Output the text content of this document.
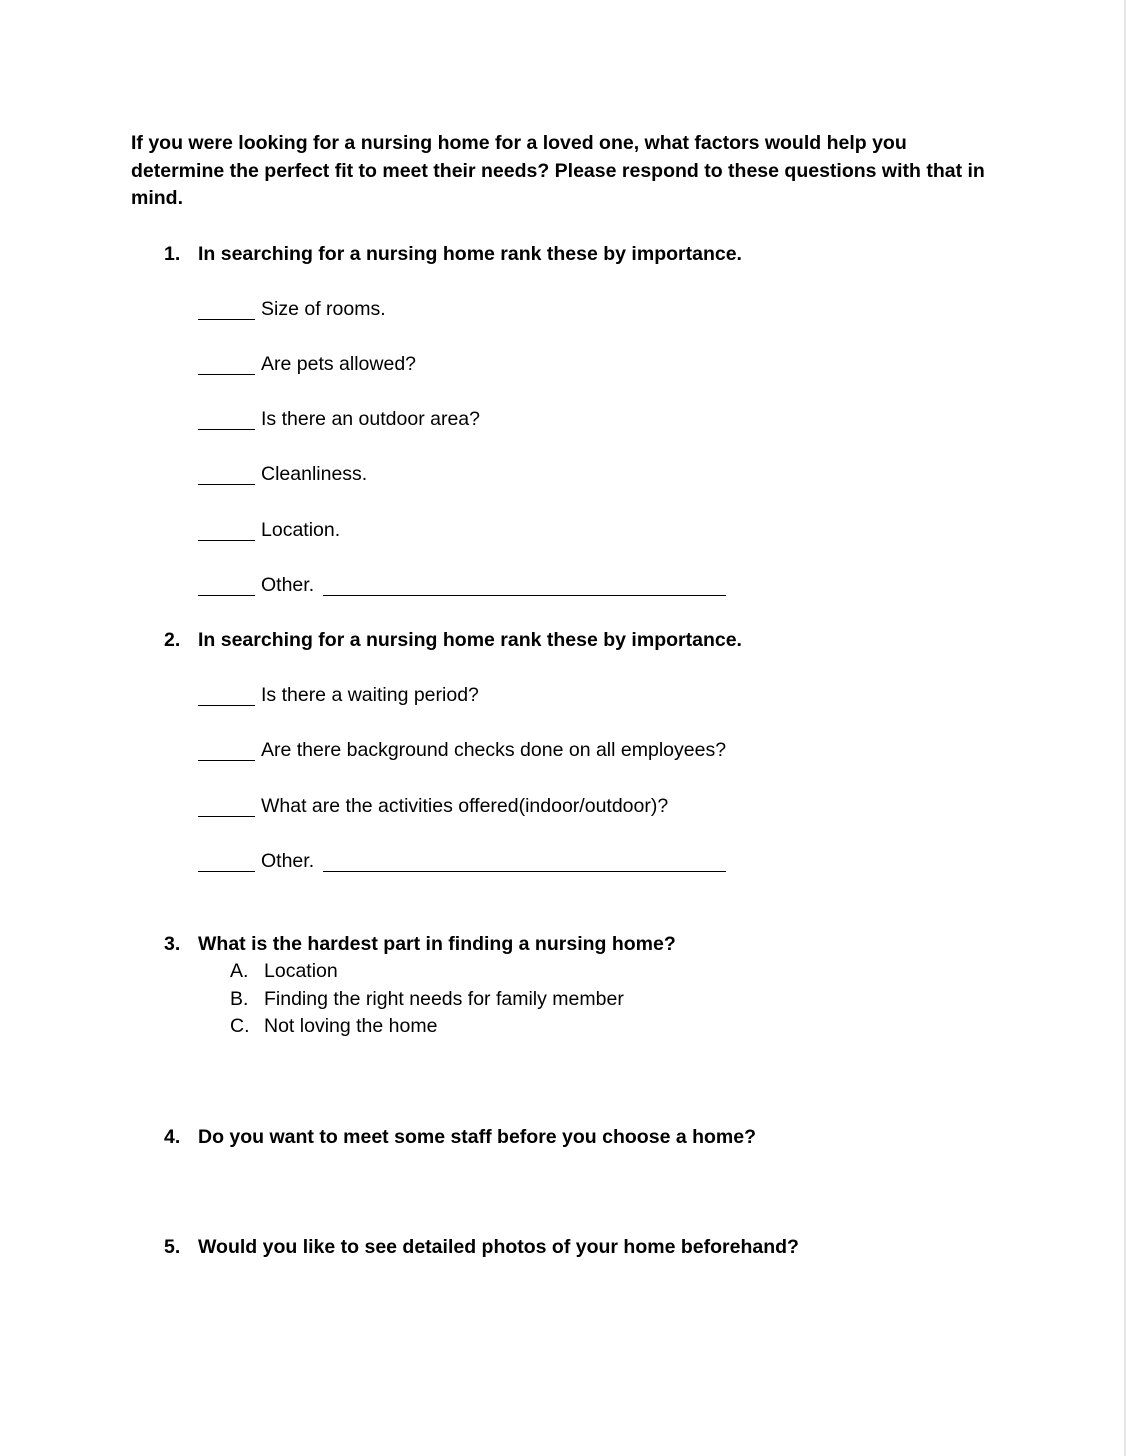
If you were looking for a nursing home for a loved one, what factors would help you determine the perfect fit to meet their needs? Please respond to these questions with that in mind.
1. In searching for a nursing home rank these by importance.
Size of rooms.
Are pets allowed?
Is there an outdoor area?
Cleanliness.
Location.
Other.
2. In searching for a nursing home rank these by importance.
Is there a waiting period?
Are there background checks done on all employees?
What are the activities offered(indoor/outdoor)?
Other.
3. What is the hardest part in finding a nursing home?
A. Location
B. Finding the right needs for family member
C. Not loving the home
4. Do you want to meet some staff before you choose a home?
5. Would you like to see detailed photos of your home beforehand?
